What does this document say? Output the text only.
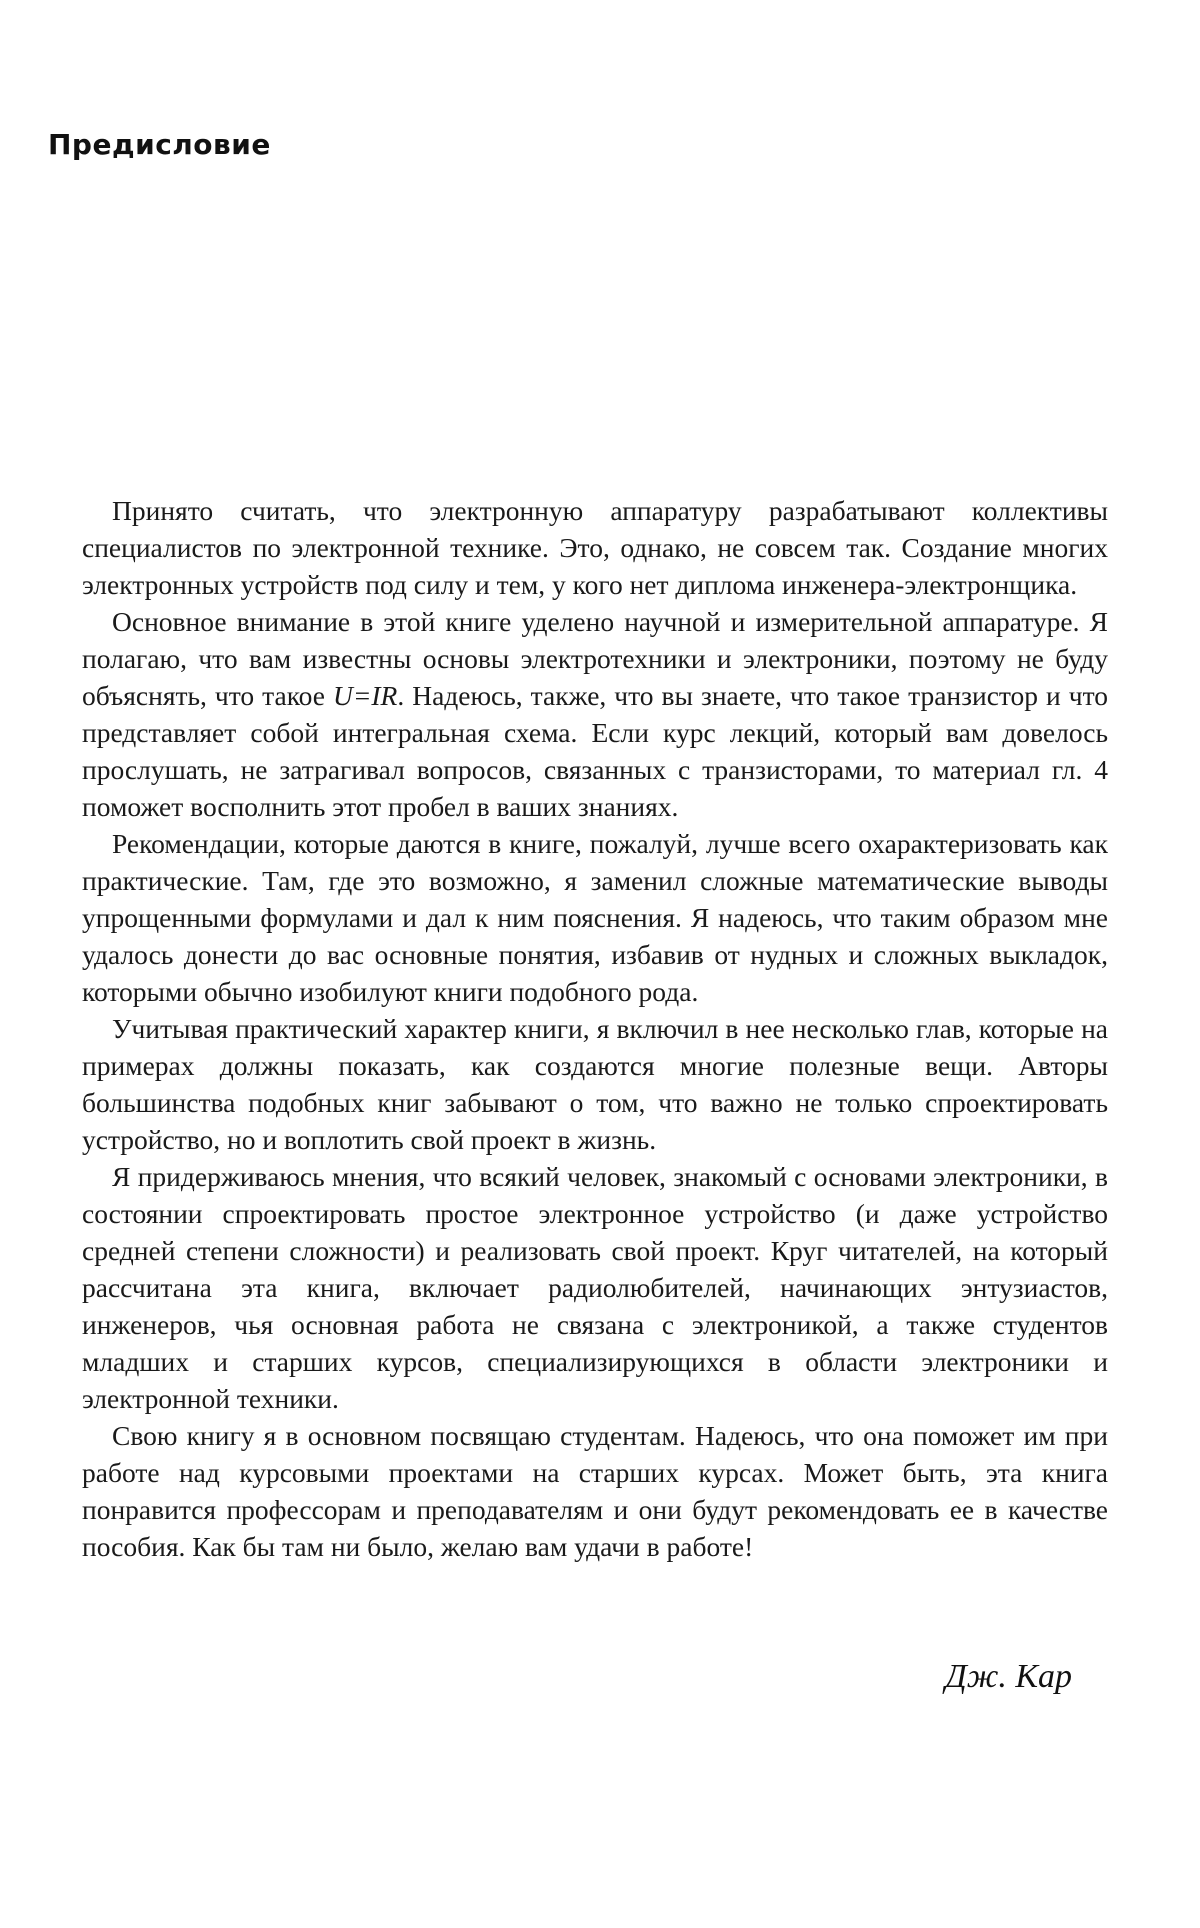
Предисловие

Принято считать, что электронную аппаратуру разрабатывают коллективы специалистов по электронной технике. Это, однако, не совсем так. Создание многих электронных устройств под силу и тем, у кого нет диплома инженера-электронщика.

Основное внимание в этой книге уделено научной и измерительной аппаратуре. Я полагаю, что вам известны основы электротехники и электроники, поэтому не буду объяснять, что такое U=IR. Надеюсь, также, что вы знаете, что такое транзистор и что представляет собой интегральная схема. Если курс лекций, который вам довелось прослушать, не затрагивал вопросов, связанных с транзисторами, то материал гл. 4 поможет восполнить этот пробел в ваших знаниях.

Рекомендации, которые даются в книге, пожалуй, лучше всего охарактеризовать как практические. Там, где это возможно, я заменил сложные математические выводы упрощенными формулами и дал к ним пояснения. Я надеюсь, что таким образом мне удалось донести до вас основные понятия, избавив от нудных и сложных выкладок, которыми обычно изобилуют книги подобного рода.

Учитывая практический характер книги, я включил в нее несколько глав, которые на примерах должны показать, как создаются многие полезные вещи. Авторы большинства подобных книг забывают о том, что важно не только спроектировать устройство, но и воплотить свой проект в жизнь.

Я придерживаюсь мнения, что всякий человек, знакомый с основами электроники, в состоянии спроектировать простое электронное устройство (и даже устройство средней степени сложности) и реализовать свой проект. Круг читателей, на который рассчитана эта книга, включает радиолюбителей, начинающих энтузиастов, инженеров, чья основная работа не связана с электроникой, а также студентов младших и старших курсов, специализирующихся в области электроники и электронной техники.

Свою книгу я в основном посвящаю студентам. Надеюсь, что она поможет им при работе над курсовыми проектами на старших курсах. Может быть, эта книга понравится профессорам и преподавателям и они будут рекомендовать ее в качестве пособия. Как бы там ни было, желаю вам удачи в работе!

Дж. Кар
